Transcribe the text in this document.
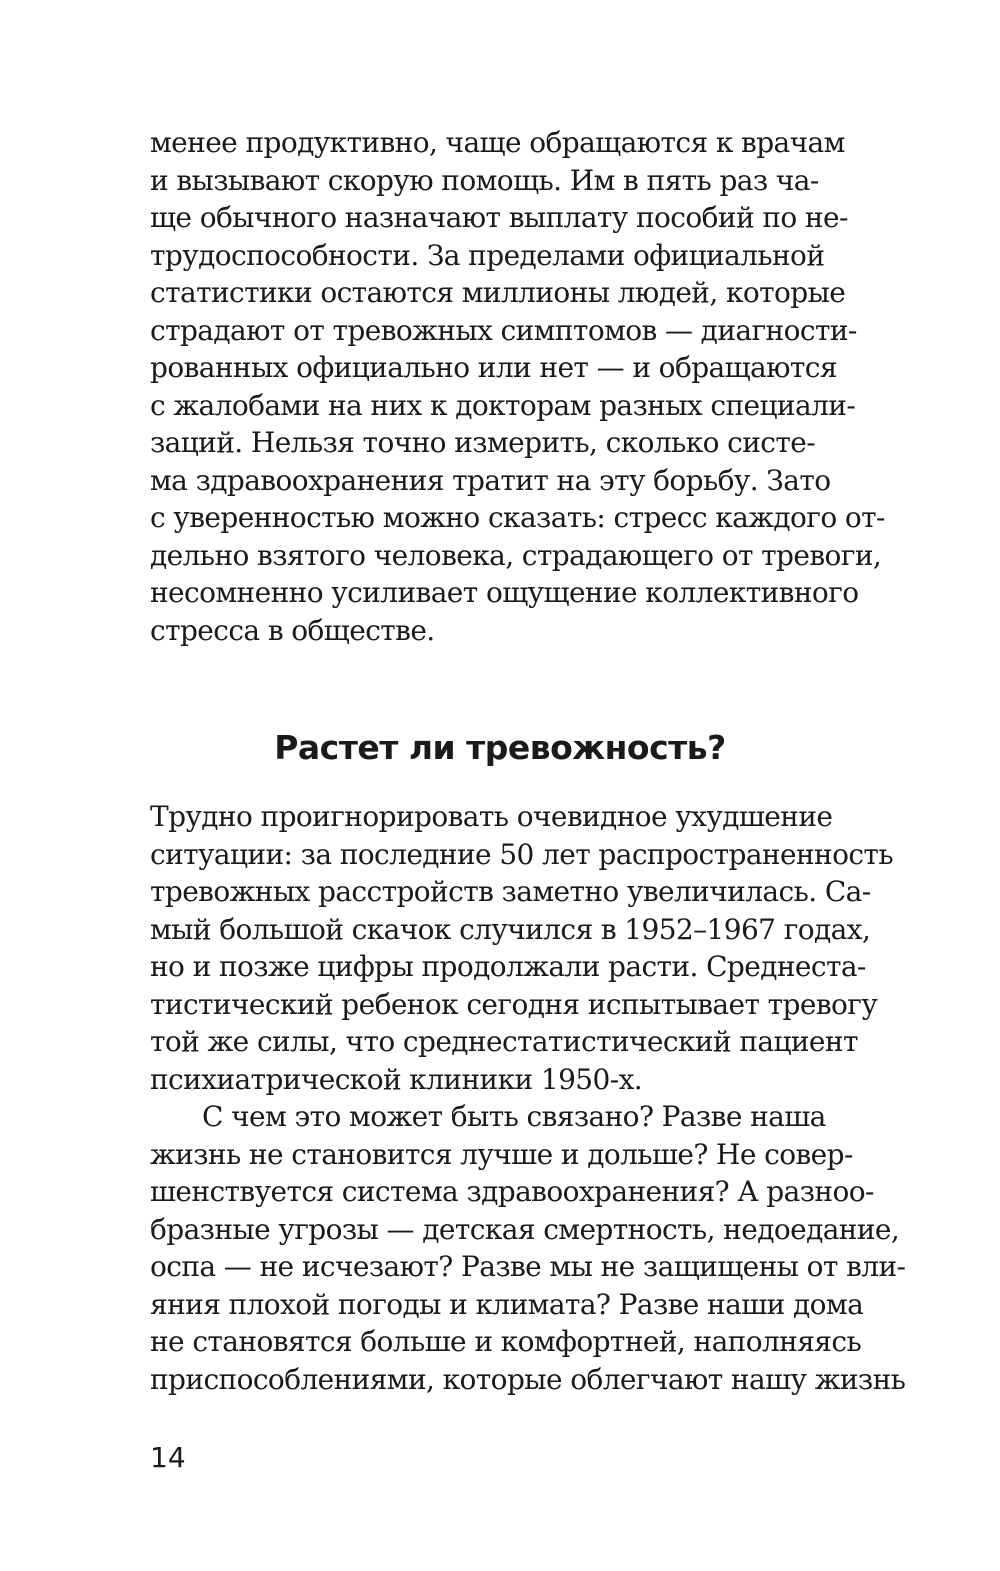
менее продуктивно, чаще обращаются к врачам
и вызывают скорую помощь. Им в пять раз ча-
ще обычного назначают выплату пособий по не-
трудоспособности. За пределами официальной
статистики остаются миллионы людей, которые
страдают от тревожных симптомов — диагности-
рованных официально или нет — и обращаются
с жалобами на них к докторам разных специали-
заций. Нельзя точно измерить, сколько систе-
ма здравоохранения тратит на эту борьбу. Зато
с уверенностью можно сказать: стресс каждого от-
дельно взятого человека, страдающего от тревоги,
несомненно усиливает ощущение коллективного
стресса в обществе.
Растет ли тревожность?
Трудно проигнорировать очевидное ухудшение
ситуации: за последние 50 лет распространенность
тревожных расстройств заметно увеличилась. Са-
мый большой скачок случился в 1952–1967 годах,
но и позже цифры продолжали расти. Среднеста-
тистический ребенок сегодня испытывает тревогу
той же силы, что среднестатистический пациент
психиатрической клиники 1950-х.
С чем это может быть связано? Разве наша
жизнь не становится лучше и дольше? Не совер-
шенствуется система здравоохранения? А разноо-
бразные угрозы — детская смертность, недоедание,
оспа — не исчезают? Разве мы не защищены от вли-
яния плохой погоды и климата? Разве наши дома
не становятся больше и комфортней, наполняясь
приспособлениями, которые облегчают нашу жизнь

14
